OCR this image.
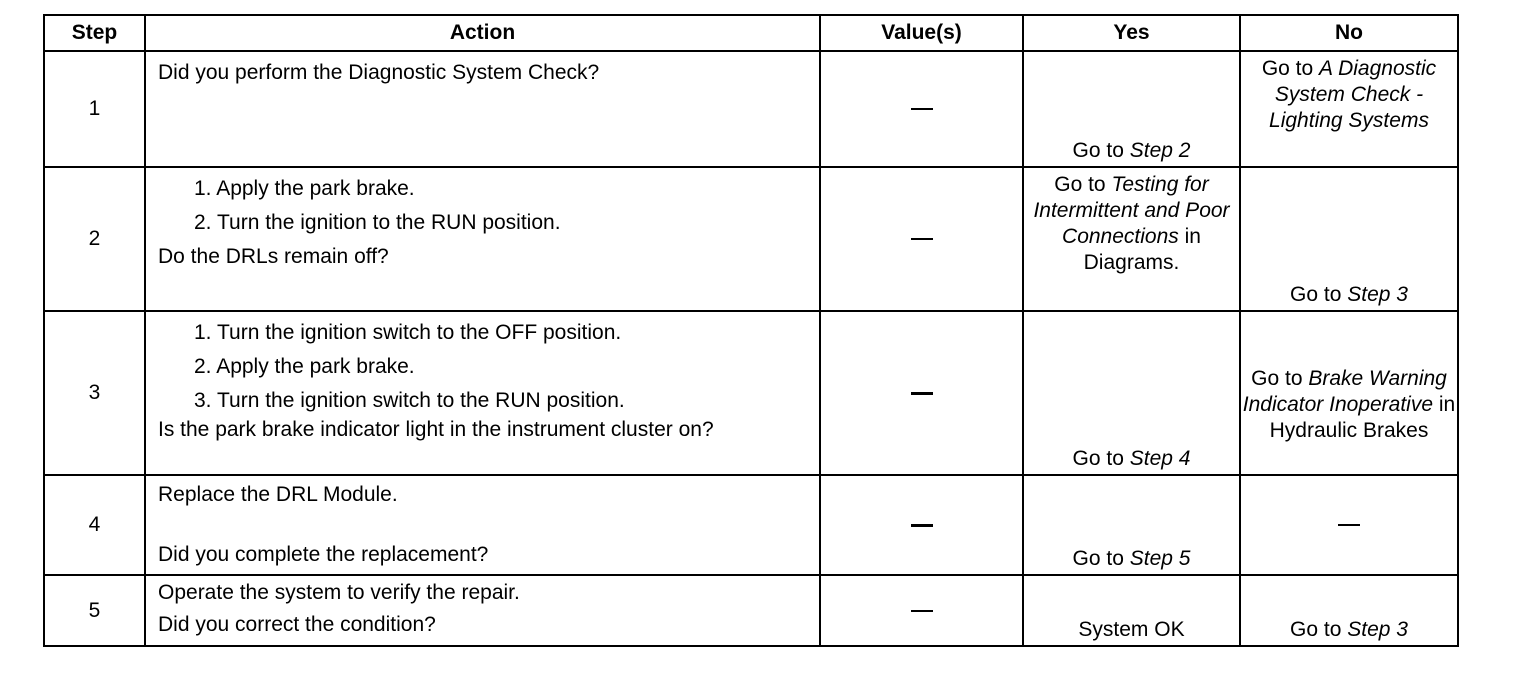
Step	Action	Value(s)	Yes	No
1	Did you perform the Diagnostic System Check?		Go to Step 2	Go to A Diagnostic System Check - Lighting Systems
2	1. Apply the park brake.
2. Turn the ignition to the RUN position.
Do the DRLs remain off?		Go to Testing for Intermittent and Poor Connections in Diagrams.	Go to Step 3
3	1. Turn the ignition switch to the OFF position.
2. Apply the park brake.
3. Turn the ignition switch to the RUN position.
Is the park brake indicator light in the instrument cluster on?		Go to Step 4	Go to Brake Warning Indicator Inoperative in Hydraulic Brakes
4	Replace the DRL Module.
Did you complete the replacement?		Go to Step 5	
5	Operate the system to verify the repair.
Did you correct the condition?		System OK	Go to Step 3
